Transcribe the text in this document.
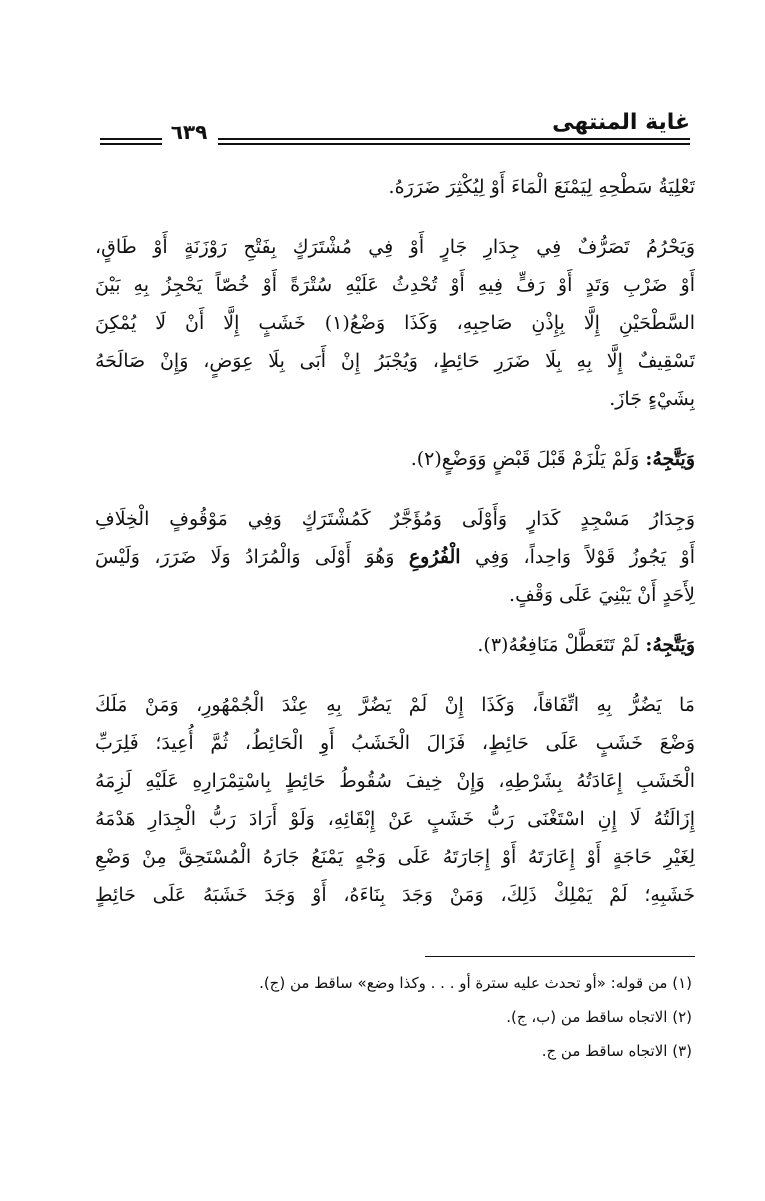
٦٣٩	غاية المنتهى
تَعْلِيَةُ سَطْحِهِ لِيَمْنَعَ الْمَاءَ أَوْ لِيُكْثِرَ ضَرَرَهُ.
وَيَحْرُمُ تَصَرُّفٌ فِي جِدَارِ جَارٍ أَوْ فِي مُشْتَرَكٍ بِفَتْحِ رَوْزَنَةٍ أَوْ طَاقٍ،
أَوْ ضَرْبِ وَتَدٍ أَوْ رَفٍّ فِيهِ أَوْ تُحْدِثُ عَلَيْهِ سُتْرَةً أَوْ خُصّاً يَحْجِزُ بِهِ بَيْنَ
السَّطْحَيْنِ إِلَّا بِإِذْنِ صَاحِبِهِ، وَكَذَا وَضْعُ(١) خَشَبٍ إِلَّا أَنْ لَا يُمْكِنَ
تَسْقِيفٌ إِلَّا بِهِ بِلَا ضَرَرِ حَائِطٍ، وَيُجْبَرُ إِنْ أَبَى بِلَا عِوَضٍ، وَإِنْ صَالَحَهُ
بِشَيْءٍ جَازَ.
وَيَتَّجِهُ: وَلَمْ يَلْزَمْ قَبْلَ قَبْضٍ وَوَضْعٍ(٢).
وَجِدَارُ مَسْجِدٍ كَدَارٍ وَأَوْلَى وَمُؤَجَّرٌ كَمُشْتَرَكٍ وَفِي مَوْقُوفٍ الْخِلَافِ
أَوْ يَجُوزُ قَوْلاً وَاحِداً، وَفِي الْفُرُوعِ وَهُوَ أَوْلَى وَالْمُرَادُ وَلَا ضَرَرَ، وَلَيْسَ
لِأَحَدٍ أَنْ يَبْنِيَ عَلَى وَقْفٍ.
وَيَتَّجِهُ: لَمْ تَتَعَطَّلْ مَنَافِعُهُ(٣).
مَا يَضُرُّ بِهِ اتِّفَاقاً، وَكَذَا إِنْ لَمْ يَضُرَّ بِهِ عِنْدَ الْجُمْهُورِ، وَمَنْ مَلَكَ
وَضْعَ خَشَبٍ عَلَى حَائِطٍ، فَزَالَ الْخَشَبُ أَوِ الْحَائِطُ، ثُمَّ أُعِيدَ؛ فَلِرَبِّ
الْخَشَبِ إِعَادَتُهُ بِشَرْطِهِ، وَإِنْ خِيفَ سُقُوطُ حَائِطٍ بِاسْتِمْرَارِهِ عَلَيْهِ لَزِمَهُ
إِزَالَتُهُ لَا إِنِ اسْتَغْنَى رَبُّ خَشَبٍ عَنْ إِبْقَائِهِ، وَلَوْ أَرَادَ رَبُّ الْجِدَارِ هَدْمَهُ
لِغَيْرِ حَاجَةٍ أَوْ إِعَارَتَهُ أَوْ إِجَارَتَهُ عَلَى وَجْهٍ يَمْنَعُ جَارَهُ الْمُسْتَحِقَّ مِنْ وَضْعِ
خَشَبِهِ؛ لَمْ يَمْلِكْ ذَلِكَ، وَمَنْ وَجَدَ بِنَاءَهُ، أَوْ وَجَدَ خَشَبَهُ عَلَى حَائِطٍ
(١) من قوله: «أو تحدث عليه سترة أو . . . وكذا وضع» ساقط من (ج).
(٢) الاتجاه ساقط من (ب، ج).
(٣) الاتجاه ساقط من ج.
